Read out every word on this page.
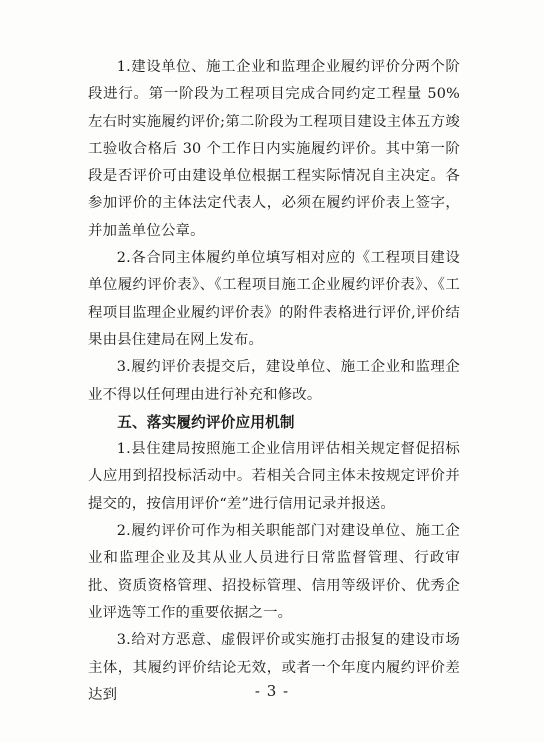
1.建设单位、施工企业和监理企业履约评价分两个阶段进行。第一阶段为工程项目完成合同约定工程量 50%左右时实施履约评价;第二阶段为工程项目建设主体五方竣工验收合格后 30 个工作日内实施履约评价。其中第一阶段是否评价可由建设单位根据工程实际情况自主决定。各参加评价的主体法定代表人，必须在履约评价表上签字，并加盖单位公章。

2.各合同主体履约单位填写相对应的《工程项目建设单位履约评价表》、《工程项目施工企业履约评价表》、《工程项目监理企业履约评价表》的附件表格进行评价,评价结果由县住建局在网上发布。

3.履约评价表提交后，建设单位、施工企业和监理企业不得以任何理由进行补充和修改。

五、落实履约评价应用机制

1.县住建局按照施工企业信用评估相关规定督促招标人应用到招投标活动中。若相关合同主体未按规定评价并提交的，按信用评价“差”进行信用记录并报送。

2.履约评价可作为相关职能部门对建设单位、施工企业和监理企业及其从业人员进行日常监督管理、行政审批、资质资格管理、招投标管理、信用等级评价、优秀企业评选等工作的重要依据之一。

3.给对方恶意、虚假评价或实施打击报复的建设市场主体，其履约评价结论无效，或者一个年度内履约评价差达到	- 3 -
